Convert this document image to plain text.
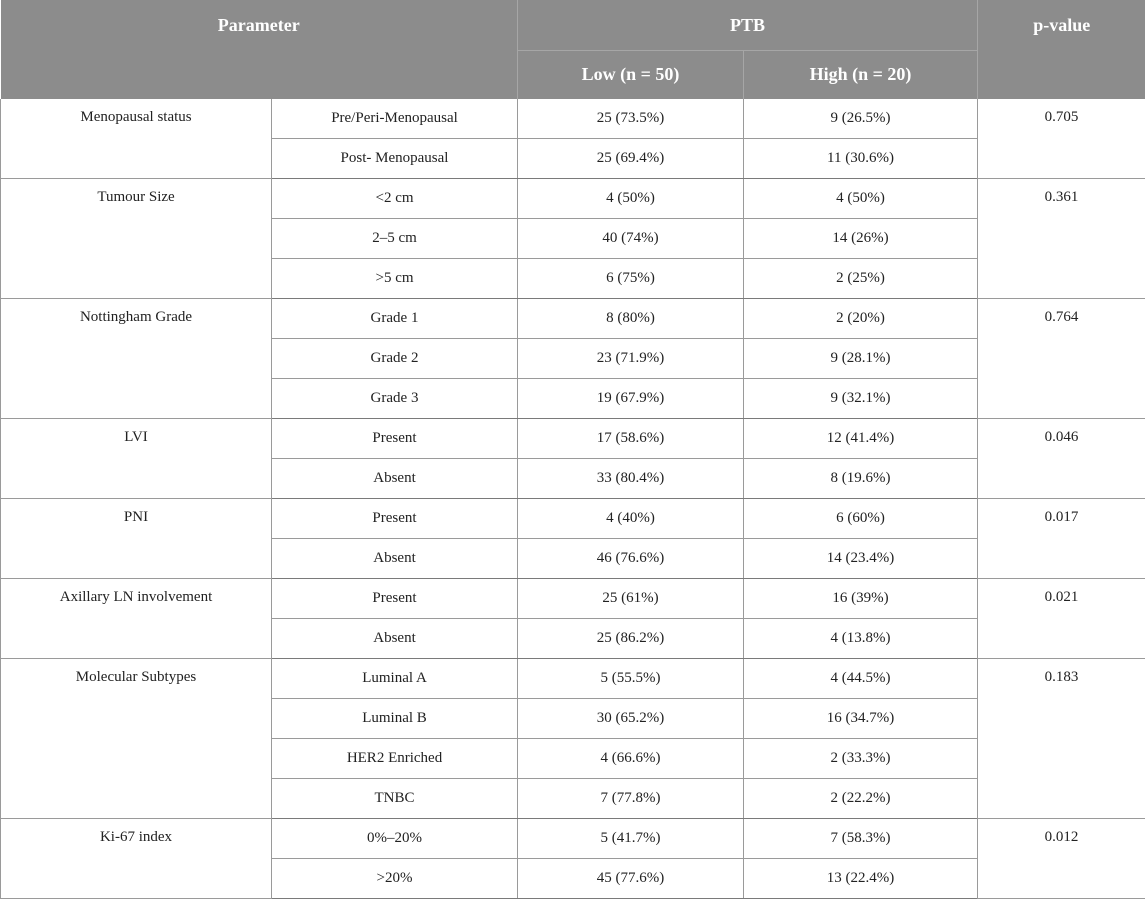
Parameter		PTB		p-value
		Low (n = 50)	High (n = 20)	
Menopausal status	Pre/Peri-Menopausal	25 (73.5%)	9 (26.5%)	0.705
	Post- Menopausal	25 (69.4%)	11 (30.6%)	
Tumour Size	<2 cm	4 (50%)	4 (50%)	0.361
	2–5 cm	40 (74%)	14 (26%)	
	>5 cm	6 (75%)	2 (25%)	
Nottingham Grade	Grade 1	8 (80%)	2 (20%)	0.764
	Grade 2	23 (71.9%)	9 (28.1%)	
	Grade 3	19 (67.9%)	9 (32.1%)	
LVI	Present	17 (58.6%)	12 (41.4%)	0.046
	Absent	33 (80.4%)	8 (19.6%)	
PNI	Present	4 (40%)	6 (60%)	0.017
	Absent	46 (76.6%)	14 (23.4%)	
Axillary LN involvement	Present	25 (61%)	16 (39%)	0.021
	Absent	25 (86.2%)	4 (13.8%)	
Molecular Subtypes	Luminal A	5 (55.5%)	4 (44.5%)	0.183
	Luminal B	30 (65.2%)	16 (34.7%)	
	HER2 Enriched	4 (66.6%)	2 (33.3%)	
	TNBC	7 (77.8%)	2 (22.2%)	
Ki-67 index	0%–20%	5 (41.7%)	7 (58.3%)	0.012
	>20%	45 (77.6%)	13 (22.4%)	
